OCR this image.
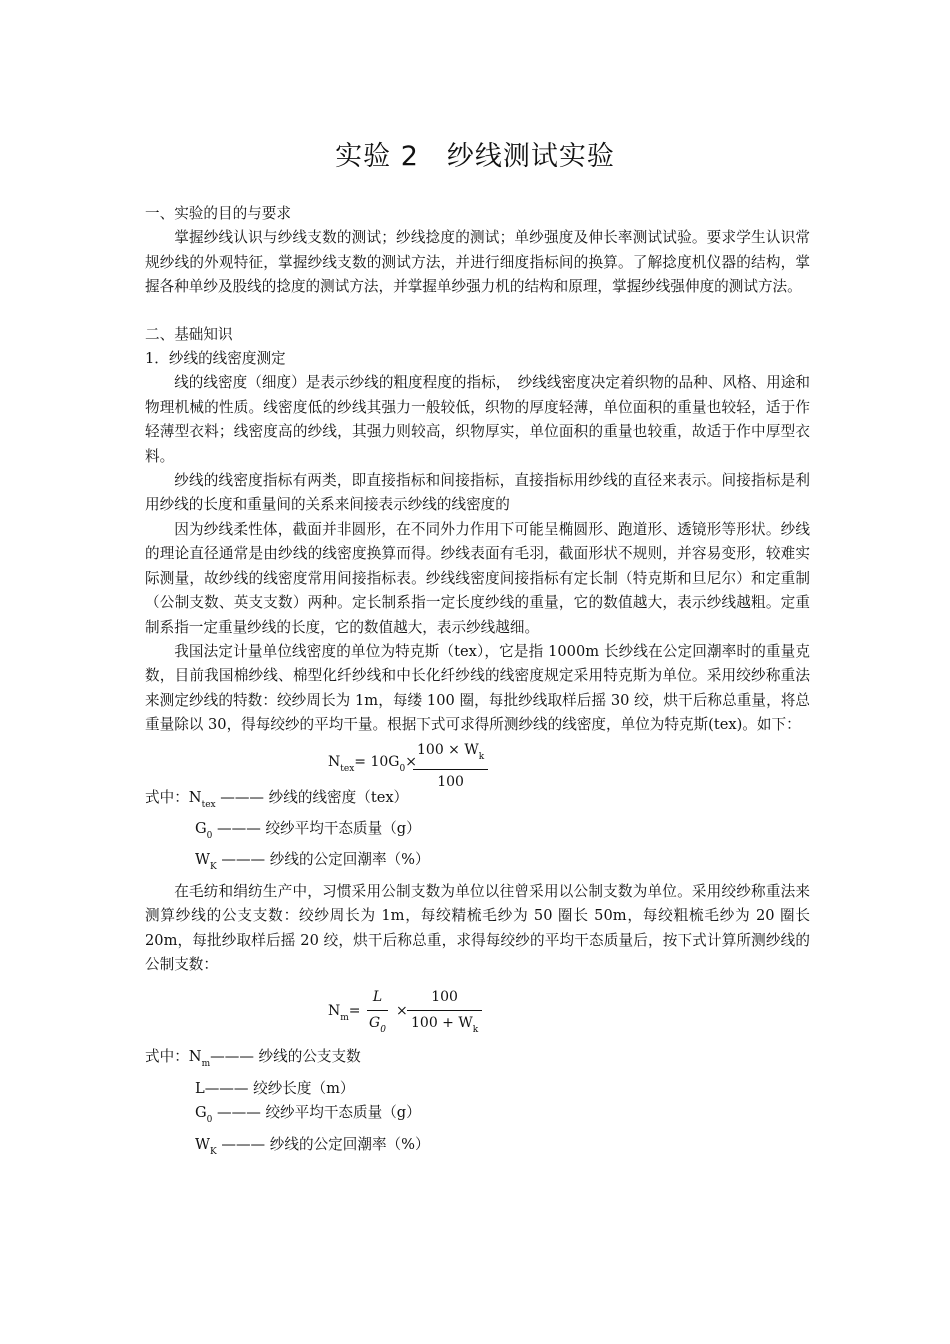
实验 2　纱线测试实验

一、实验的目的与要求

掌握纱线认识与纱线支数的测试；纱线捻度的测试；单纱强度及伸长率测试试验。要求学生认识常规纱线的外观特征，掌握纱线支数的测试方法，并进行细度指标间的换算。了解捻度机仪器的结构，掌握各种单纱及股线的捻度的测试方法，并掌握单纱强力机的结构和原理，掌握纱线强伸度的测试方法。

二、基础知识

1．纱线的线密度测定

线的线密度（细度）是表示纱线的粗度程度的指标，　纱线线密度决定着织物的品种、风格、用途和物理机械的性质。线密度低的纱线其强力一般较低，织物的厚度轻薄，单位面积的重量也较轻，适于作轻薄型衣料；线密度高的纱线，其强力则较高，织物厚实，单位面积的重量也较重，故适于作中厚型衣料。

纱线的线密度指标有两类，即直接指标和间接指标，直接指标用纱线的直径来表示。间接指标是利用纱线的长度和重量间的关系来间接表示纱线的线密度的

因为纱线柔性体，截面并非圆形，在不同外力作用下可能呈椭圆形、跑道形、透镜形等形状。纱线的理论直径通常是由纱线的线密度换算而得。纱线表面有毛羽，截面形状不规则，并容易变形，较难实际测量，故纱线的线密度常用间接指标表。纱线线密度间接指标有定长制（特克斯和旦尼尔）和定重制（公制支数、英支支数）两种。定长制系指一定长度纱线的重量，它的数值越大，表示纱线越粗。定重制系指一定重量纱线的长度，它的数值越大，表示纱线越细。

我国法定计量单位线密度的单位为特克斯（tex），它是指 1000m 长纱线在公定回潮率时的重量克数，目前我国棉纱线、棉型化纤纱线和中长化纤纱线的线密度规定采用特克斯为单位。采用绞纱称重法来测定纱线的特数：绞纱周长为 1m，每缕 100 圈，每批纱线取样后摇 30 绞，烘干后称总重量，将总重量除以 30，得每绞纱的平均干量。根据下式可求得所测纱线的线密度，单位为特克斯(tex)。如下：

$N_{tex}= 10G_0\times$
$\frac{100 \times W_k}{100}$

式中：$N_{tex}$ ——— 纱线的线密度（tex）

$G_0$ ——— 绞纱平均干态质量（g）

$W_K$ ——— 纱线的公定回潮率（%）

在毛纺和绢纺生产中，习惯采用公制支数为单位以往曾采用以公制支数为单位。采用绞纱称重法来测算纱线的公支支数：绞纱周长为 1m，每绞精梳毛纱为 50 圈长 50m，每绞粗梳毛纱为 20 圈长 20m，每批纱取样后摇 20 绞，烘干后称总重，求得每绞纱的平均干态质量后，按下式计算所测纱线的公制支数：

$N_m= \frac{L}{G_0} \times \frac{100}{100 + W_k}$

式中：$N_m———$ 纱线的公支支数

L——— 绞纱长度（m）

$G_0$ ——— 绞纱平均干态质量（g）

$W_K$ ——— 纱线的公定回潮率（%）
